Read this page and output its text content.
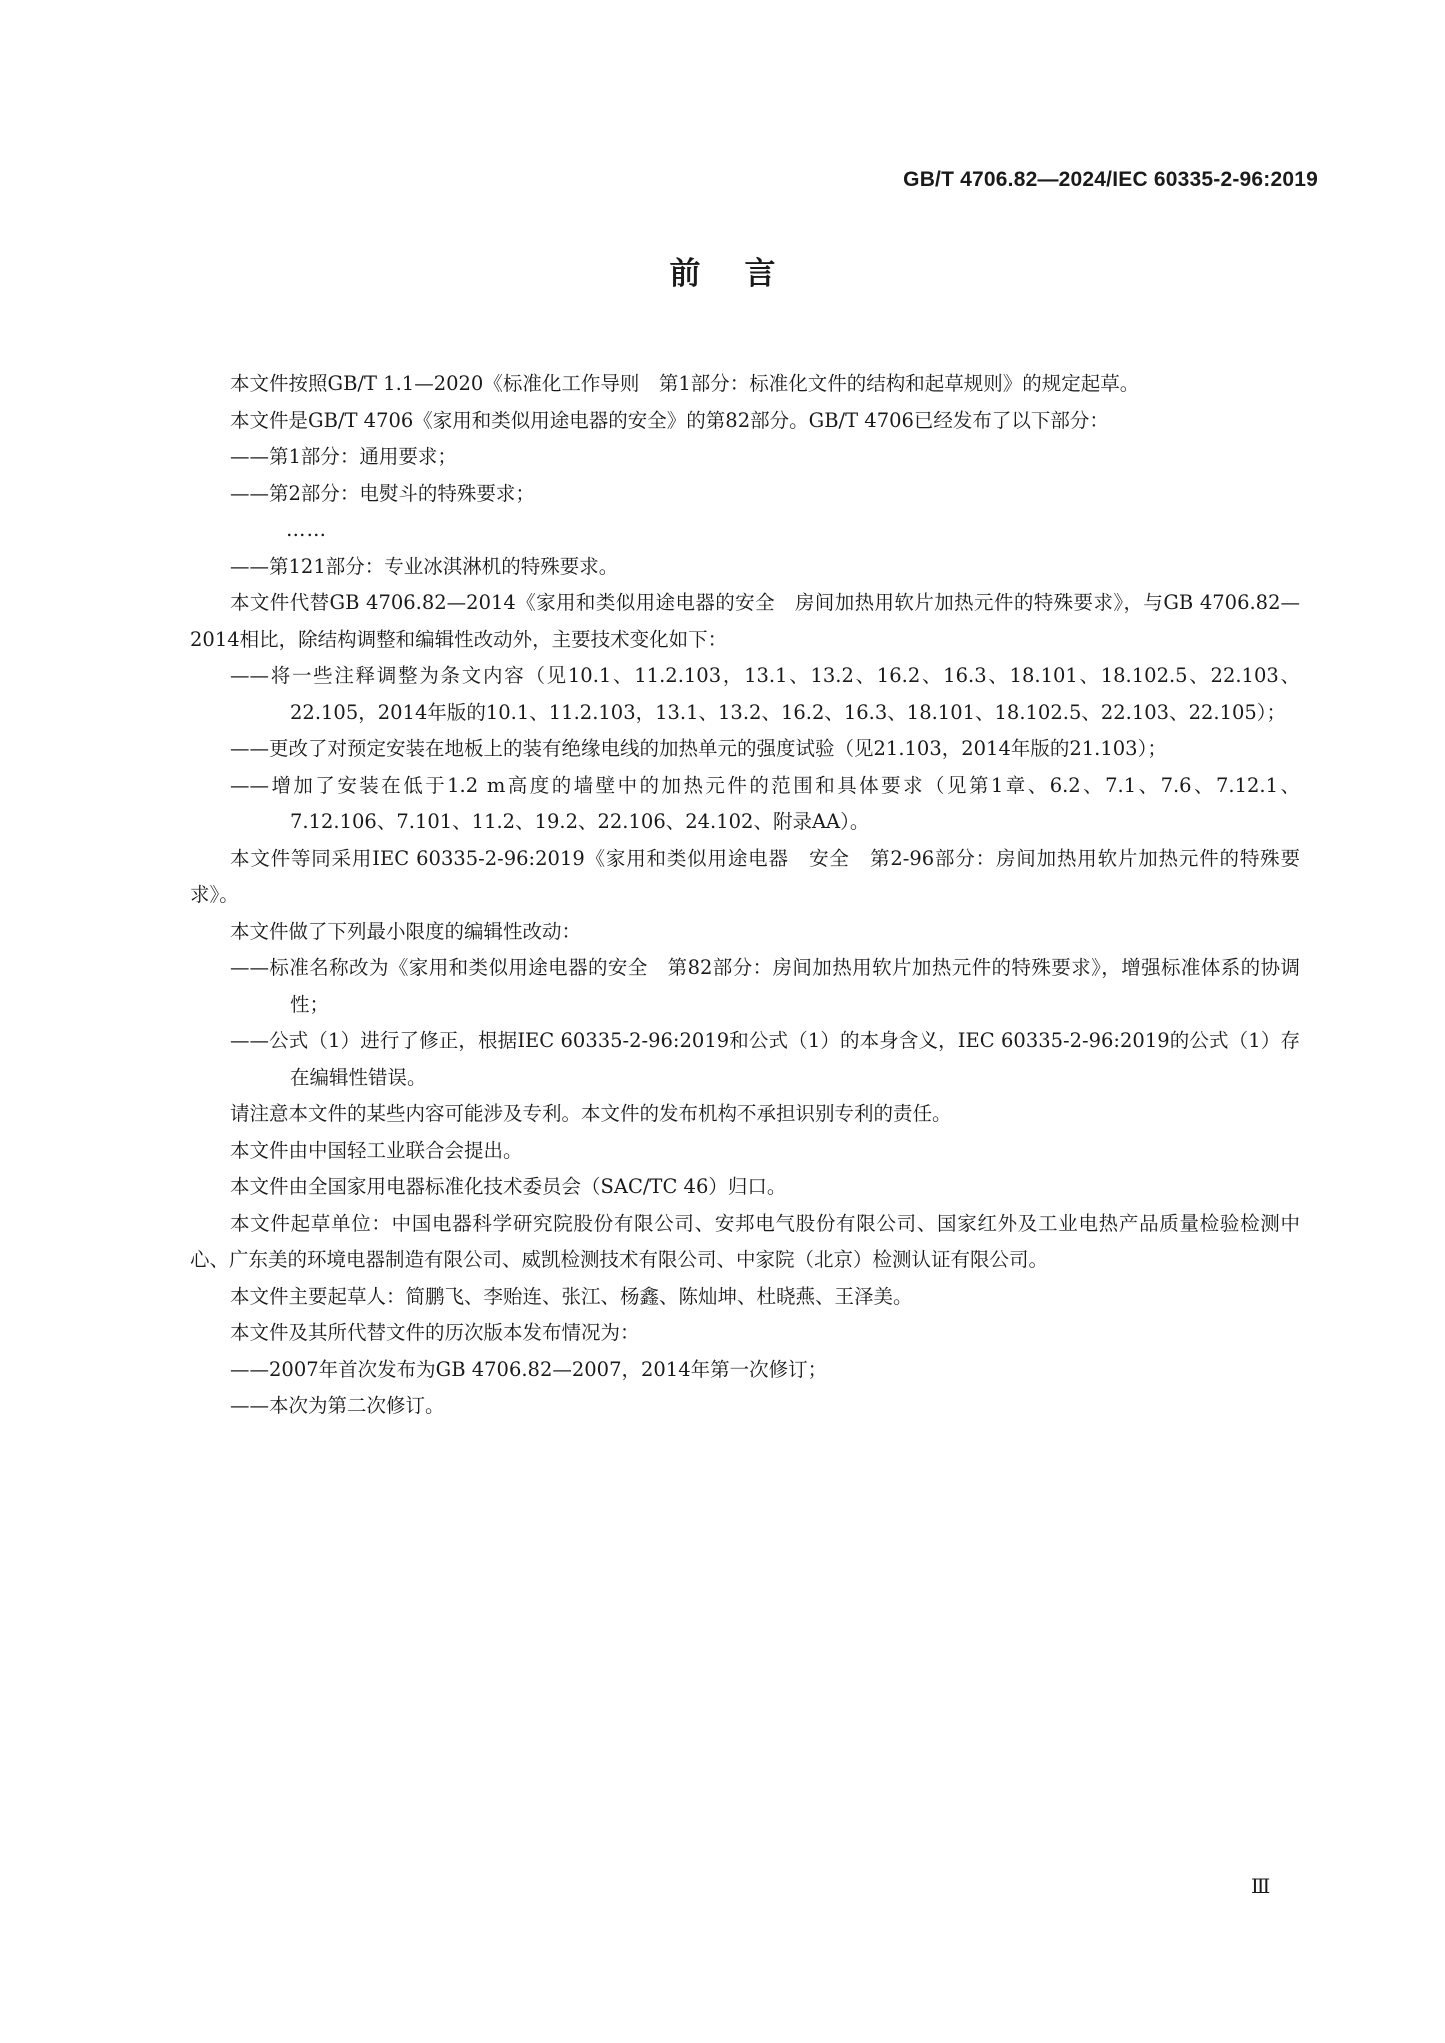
GB/T 4706.82—2024/IEC 60335-2-96:2019
前言

本文件按照GB/T 1.1—2020《标准化工作导则　第1部分：标准化文件的结构和起草规则》的规定起草。

本文件是GB/T 4706《家用和类似用途电器的安全》的第82部分。GB/T 4706已经发布了以下部分：

——第1部分：通用要求；

——第2部分：电熨斗的特殊要求；

……

——第121部分：专业冰淇淋机的特殊要求。

本文件代替GB 4706.82—2014《家用和类似用途电器的安全　房间加热用软片加热元件的特殊要求》，与GB 4706.82—2014相比，除结构调整和编辑性改动外，主要技术变化如下：

——将一些注释调整为条文内容（见10.1、11.2.103，13.1、13.2、16.2、16.3、18.101、18.102.5、22.103、22.105，2014年版的10.1、11.2.103，13.1、13.2、16.2、16.3、18.101、18.102.5、22.103、22.105）；

——更改了对预定安装在地板上的装有绝缘电线的加热单元的强度试验（见21.103，2014年版的21.103）；

——增加了安装在低于1.2 m高度的墙壁中的加热元件的范围和具体要求（见第1章、6.2、7.1、7.6、7.12.1、7.12.106、7.101、11.2、19.2、22.106、24.102、附录AA）。

本文件等同采用IEC 60335-2-96:2019《家用和类似用途电器　安全　第2-96部分：房间加热用软片加热元件的特殊要求》。

本文件做了下列最小限度的编辑性改动：

——标准名称改为《家用和类似用途电器的安全　第82部分：房间加热用软片加热元件的特殊要求》，增强标准体系的协调性；

——公式（1）进行了修正，根据IEC 60335-2-96:2019和公式（1）的本身含义，IEC 60335-2-96:2019的公式（1）存在编辑性错误。

请注意本文件的某些内容可能涉及专利。本文件的发布机构不承担识别专利的责任。

本文件由中国轻工业联合会提出。

本文件由全国家用电器标准化技术委员会（SAC/TC 46）归口。

本文件起草单位：中国电器科学研究院股份有限公司、安邦电气股份有限公司、国家红外及工业电热产品质量检验检测中心、广东美的环境电器制造有限公司、威凯检测技术有限公司、中家院（北京）检测认证有限公司。

本文件主要起草人：简鹏飞、李贻连、张江、杨鑫、陈灿坤、杜晓燕、王泽美。

本文件及其所代替文件的历次版本发布情况为：

——2007年首次发布为GB 4706.82—2007，2014年第一次修订；

——本次为第二次修订。

Ⅲ
